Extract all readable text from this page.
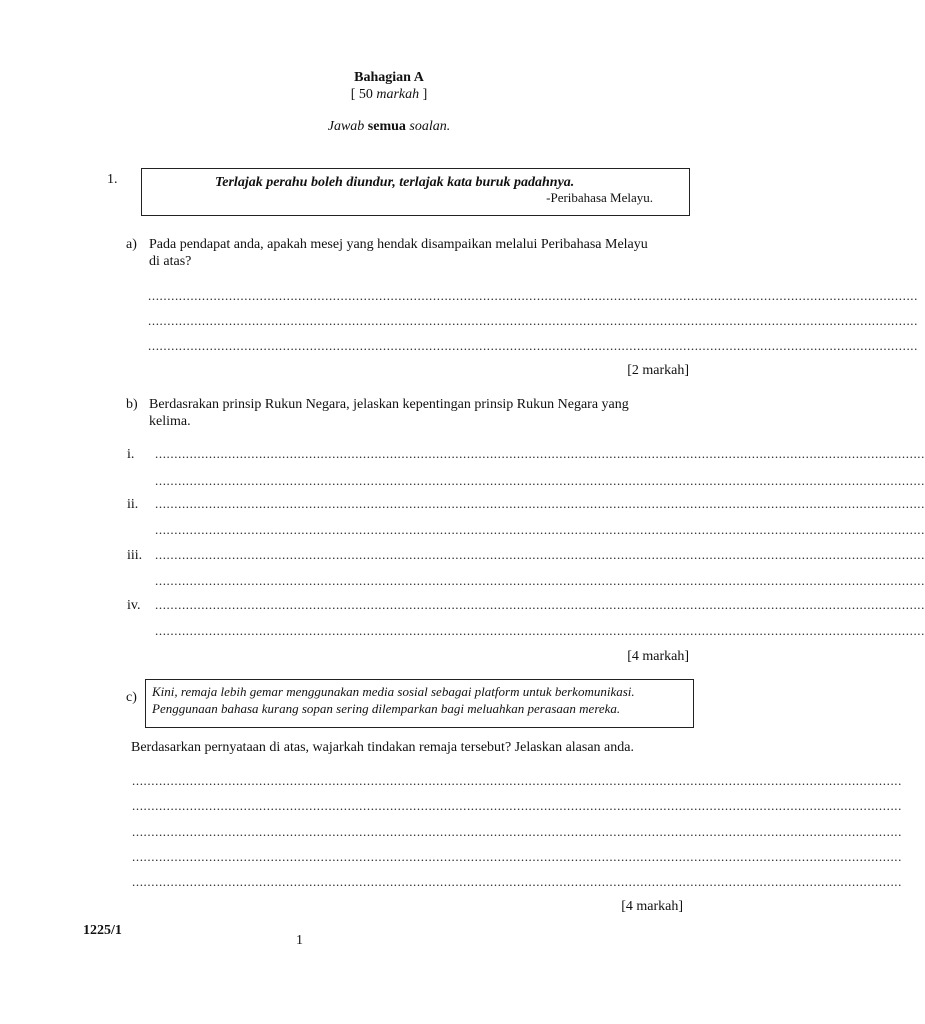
Bahagian A
[ 50 markah ]
Jawab semua soalan.
1.	Terlajak perahu boleh diundur, terlajak kata buruk padahnya.
-Peribahasa Melayu.
a) Pada pendapat anda, apakah mesej yang hendak disampaikan melalui Peribahasa Melayu
di atas?
........................................................................................................................................................................................................
........................................................................................................................................................................................................
........................................................................................................................................................................................................
[2 markah]
b) Berdasrakan prinsip Rukun Negara, jelaskan kepentingan prinsip Rukun Negara yang
kelima.
i. ........................................................................................................................................................................................................
........................................................................................................................................................................................................
ii. ........................................................................................................................................................................................................
........................................................................................................................................................................................................
iii. ........................................................................................................................................................................................................
........................................................................................................................................................................................................
iv. ........................................................................................................................................................................................................
........................................................................................................................................................................................................
[4 markah]
c) Kini, remaja lebih gemar menggunakan media sosial sebagai platform untuk berkomunikasi.
Penggunaan bahasa kurang sopan sering dilemparkan bagi meluahkan perasaan mereka.
Berdasarkan pernyataan di atas, wajarkah tindakan remaja tersebut? Jelaskan alasan anda.
........................................................................................................................................................................................................
........................................................................................................................................................................................................
........................................................................................................................................................................................................
........................................................................................................................................................................................................
........................................................................................................................................................................................................
[4 markah]
1225/1
1
